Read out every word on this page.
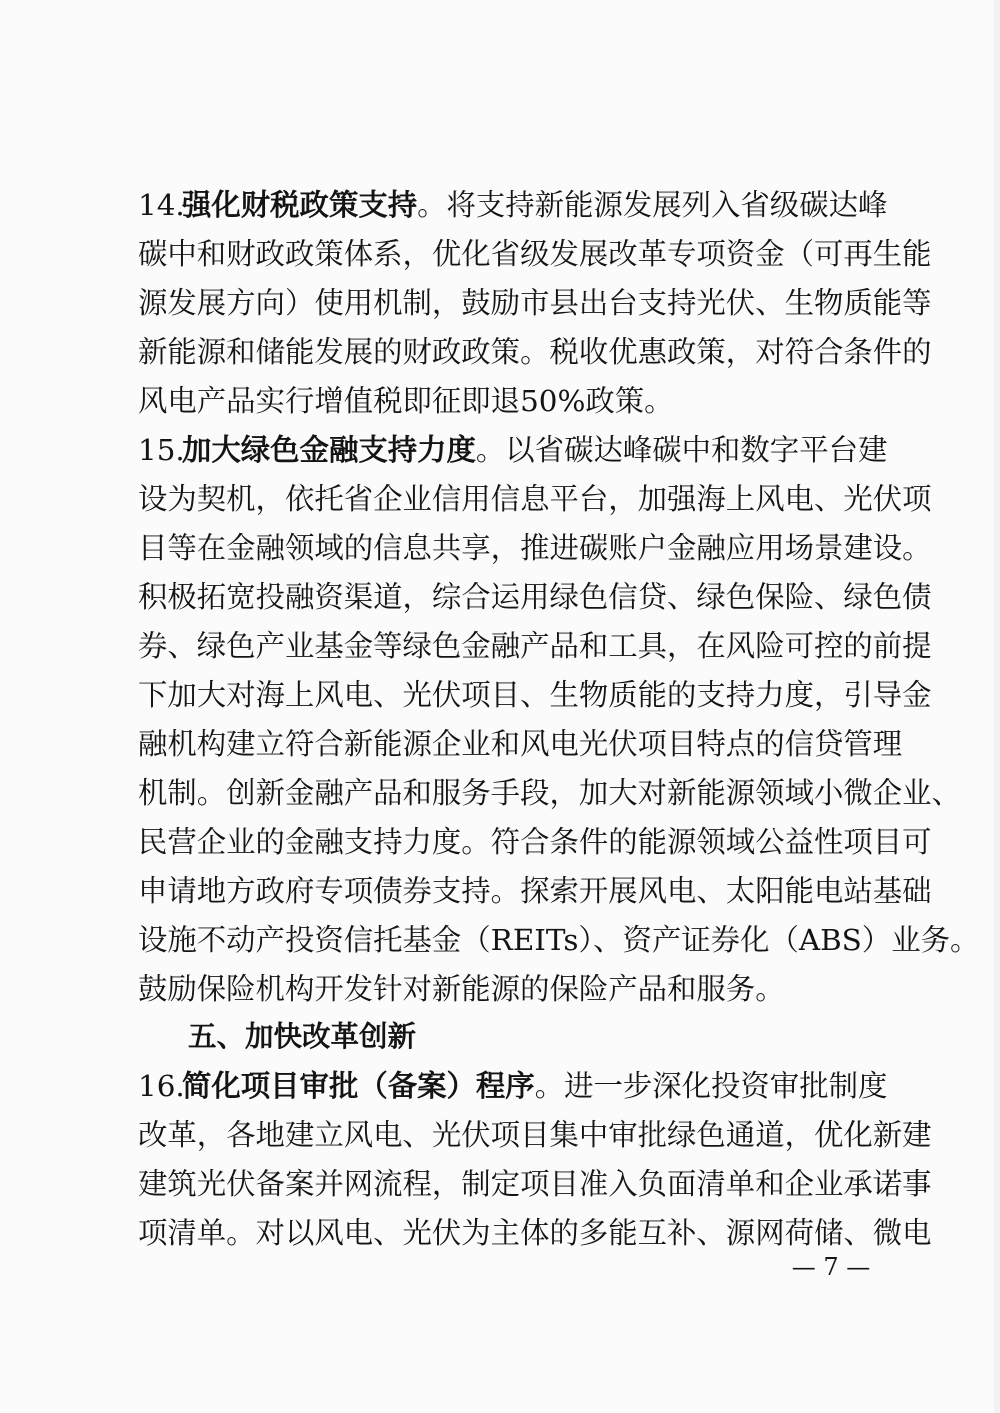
14.强化财税政策支持。将支持新能源发展列入省级碳达峰
碳中和财政政策体系，优化省级发展改革专项资金（可再生能
源发展方向）使用机制，鼓励市县出台支持光伏、生物质能等
新能源和储能发展的财政政策。税收优惠政策，对符合条件的
风电产品实行增值税即征即退50%政策。
15.加大绿色金融支持力度。以省碳达峰碳中和数字平台建
设为契机，依托省企业信用信息平台，加强海上风电、光伏项
目等在金融领域的信息共享，推进碳账户金融应用场景建设。
积极拓宽投融资渠道，综合运用绿色信贷、绿色保险、绿色债
券、绿色产业基金等绿色金融产品和工具，在风险可控的前提
下加大对海上风电、光伏项目、生物质能的支持力度，引导金
融机构建立符合新能源企业和风电光伏项目特点的信贷管理
机制。创新金融产品和服务手段，加大对新能源领域小微企业、
民营企业的金融支持力度。符合条件的能源领域公益性项目可
申请地方政府专项债券支持。探索开展风电、太阳能电站基础
设施不动产投资信托基金（REITs）、资产证券化（ABS）业务。
鼓励保险机构开发针对新能源的保险产品和服务。
五、加快改革创新
16.简化项目审批（备案）程序。进一步深化投资审批制度
改革，各地建立风电、光伏项目集中审批绿色通道，优化新建
建筑光伏备案并网流程，制定项目准入负面清单和企业承诺事
项清单。对以风电、光伏为主体的多能互补、源网荷储、微电
— 7 —
